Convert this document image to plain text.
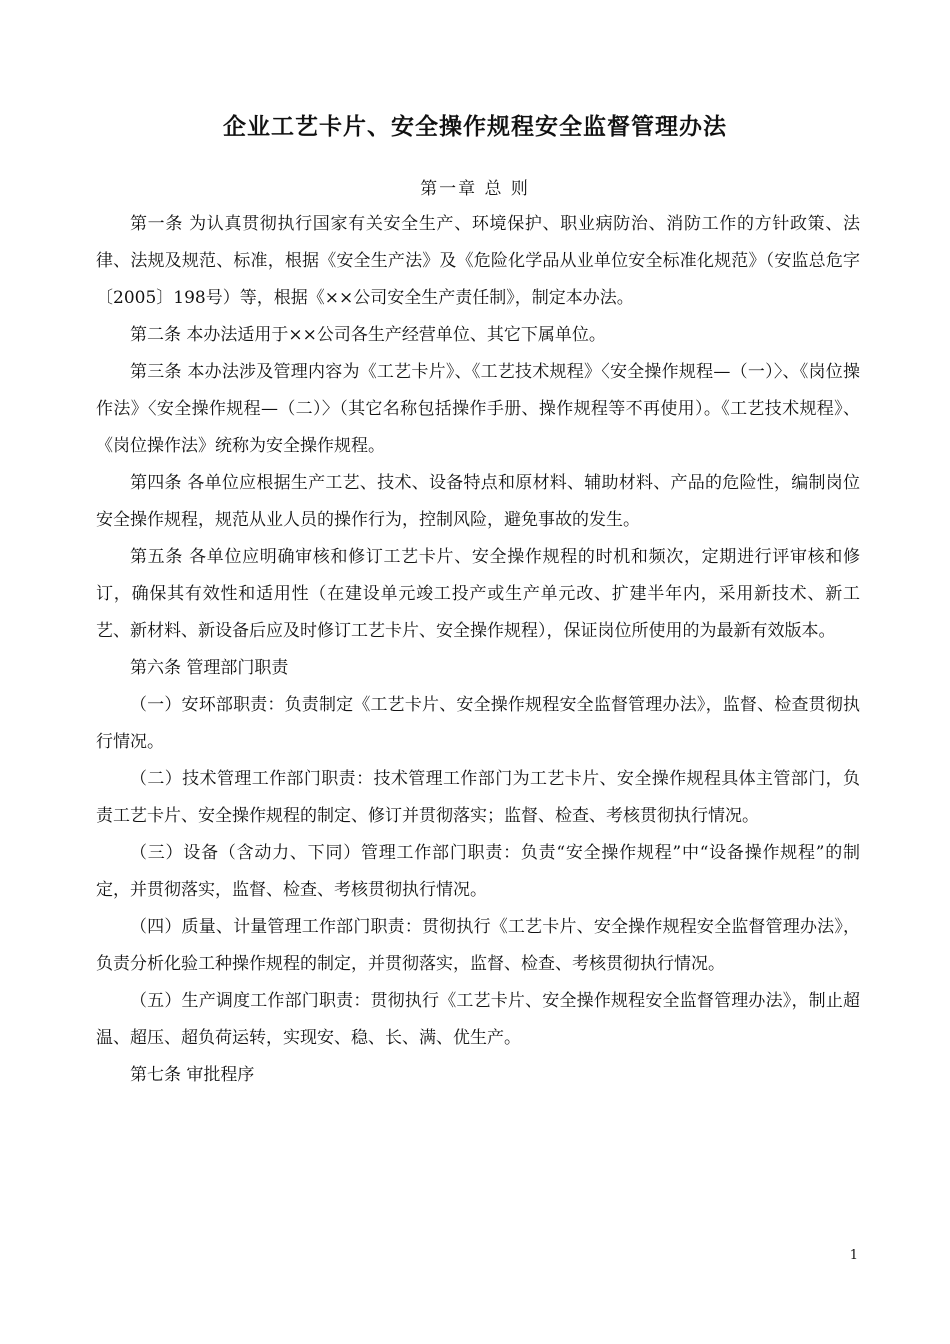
企业工艺卡片、安全操作规程安全监督管理办法
第一章 总 则

第一条 为认真贯彻执行国家有关安全生产、环境保护、职业病防治、消防工作的方针政策、法律、法规及规范、标准，根据《安全生产法》及《危险化学品从业单位安全标准化规范》（安监总危字〔2005〕198号）等，根据《××公司安全生产责任制》，制定本办法。

第二条 本办法适用于××公司各生产经营单位、其它下属单位。

第三条 本办法涉及管理内容为《工艺卡片》、《工艺技术规程》〈安全操作规程—（一）〉、《岗位操作法》〈安全操作规程—（二）〉（其它名称包括操作手册、操作规程等不再使用）。《工艺技术规程》、《岗位操作法》统称为安全操作规程。

第四条 各单位应根据生产工艺、技术、设备特点和原材料、辅助材料、产品的危险性，编制岗位安全操作规程，规范从业人员的操作行为，控制风险，避免事故的发生。

第五条 各单位应明确审核和修订工艺卡片、安全操作规程的时机和频次，定期进行评审核和修订，确保其有效性和适用性（在建设单元竣工投产或生产单元改、扩建半年内，采用新技术、新工艺、新材料、新设备后应及时修订工艺卡片、安全操作规程），保证岗位所使用的为最新有效版本。

第六条 管理部门职责

（一）安环部职责：负责制定《工艺卡片、安全操作规程安全监督管理办法》，监督、检查贯彻执行情况。

（二）技术管理工作部门职责：技术管理工作部门为工艺卡片、安全操作规程具体主管部门，负责工艺卡片、安全操作规程的制定、修订并贯彻落实；监督、检查、考核贯彻执行情况。

（三）设备（含动力、下同）管理工作部门职责：负责“安全操作规程”中“设备操作规程”的制定，并贯彻落实，监督、检查、考核贯彻执行情况。

（四）质量、计量管理工作部门职责：贯彻执行《工艺卡片、安全操作规程安全监督管理办法》，负责分析化验工种操作规程的制定，并贯彻落实，监督、检查、考核贯彻执行情况。

（五）生产调度工作部门职责：贯彻执行《工艺卡片、安全操作规程安全监督管理办法》，制止超温、超压、超负荷运转，实现安、稳、长、满、优生产。

第七条 审批程序

1
